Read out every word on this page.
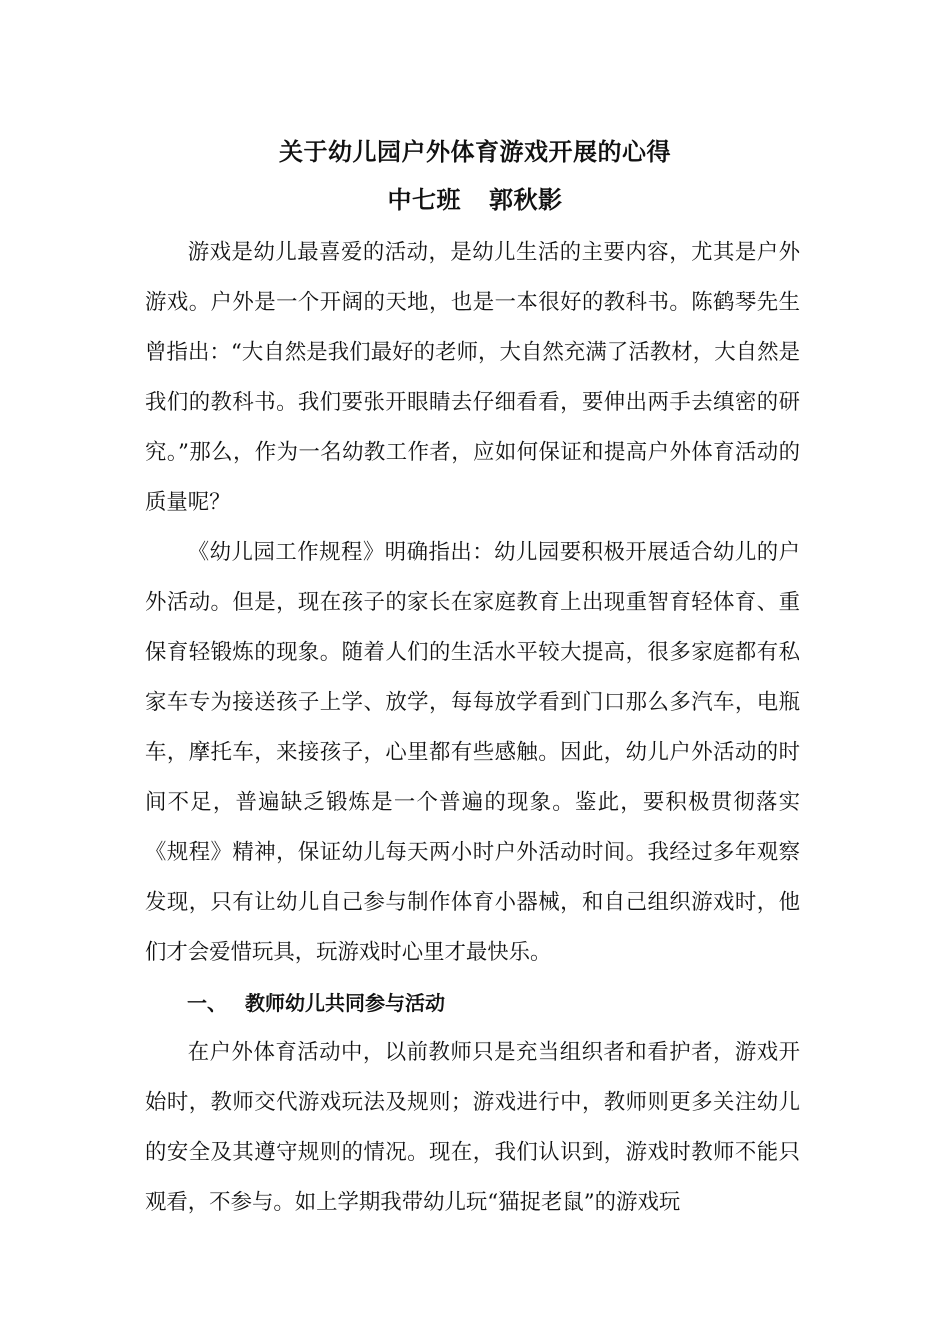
关于幼儿园户外体育游戏开展的心得
中七班 郭秋影

游戏是幼儿最喜爱的活动，是幼儿生活的主要内容，尤其是户外游戏。户外是一个开阔的天地，也是一本很好的教科书。陈鹤琴先生曾指出：“大自然是我们最好的老师，大自然充满了活教材，大自然是我们的教科书。我们要张开眼睛去仔细看看，要伸出两手去缜密的研究。”那么，作为一名幼教工作者，应如何保证和提高户外体育活动的质量呢？

《幼儿园工作规程》明确指出：幼儿园要积极开展适合幼儿的户外活动。但是，现在孩子的家长在家庭教育上出现重智育轻体育、重保育轻锻炼的现象。随着人们的生活水平较大提高，很多家庭都有私家车专为接送孩子上学、放学，每每放学看到门口那么多汽车，电瓶车，摩托车，来接孩子，心里都有些感触。因此，幼儿户外活动的时间不足，普遍缺乏锻炼是一个普遍的现象。鉴此，要积极贯彻落实《规程》精神，保证幼儿每天两小时户外活动时间。我经过多年观察发现，只有让幼儿自己参与制作体育小器械，和自己组织游戏时，他们才会爱惜玩具，玩游戏时心里才最快乐。

一、 教师幼儿共同参与活动

在户外体育活动中，以前教师只是充当组织者和看护者，游戏开始时，教师交代游戏玩法及规则；游戏进行中，教师则更多关注幼儿的安全及其遵守规则的情况。现在，我们认识到，游戏时教师不能只观看，不参与。如上学期我带幼儿玩“猫捉老鼠”的游戏玩
